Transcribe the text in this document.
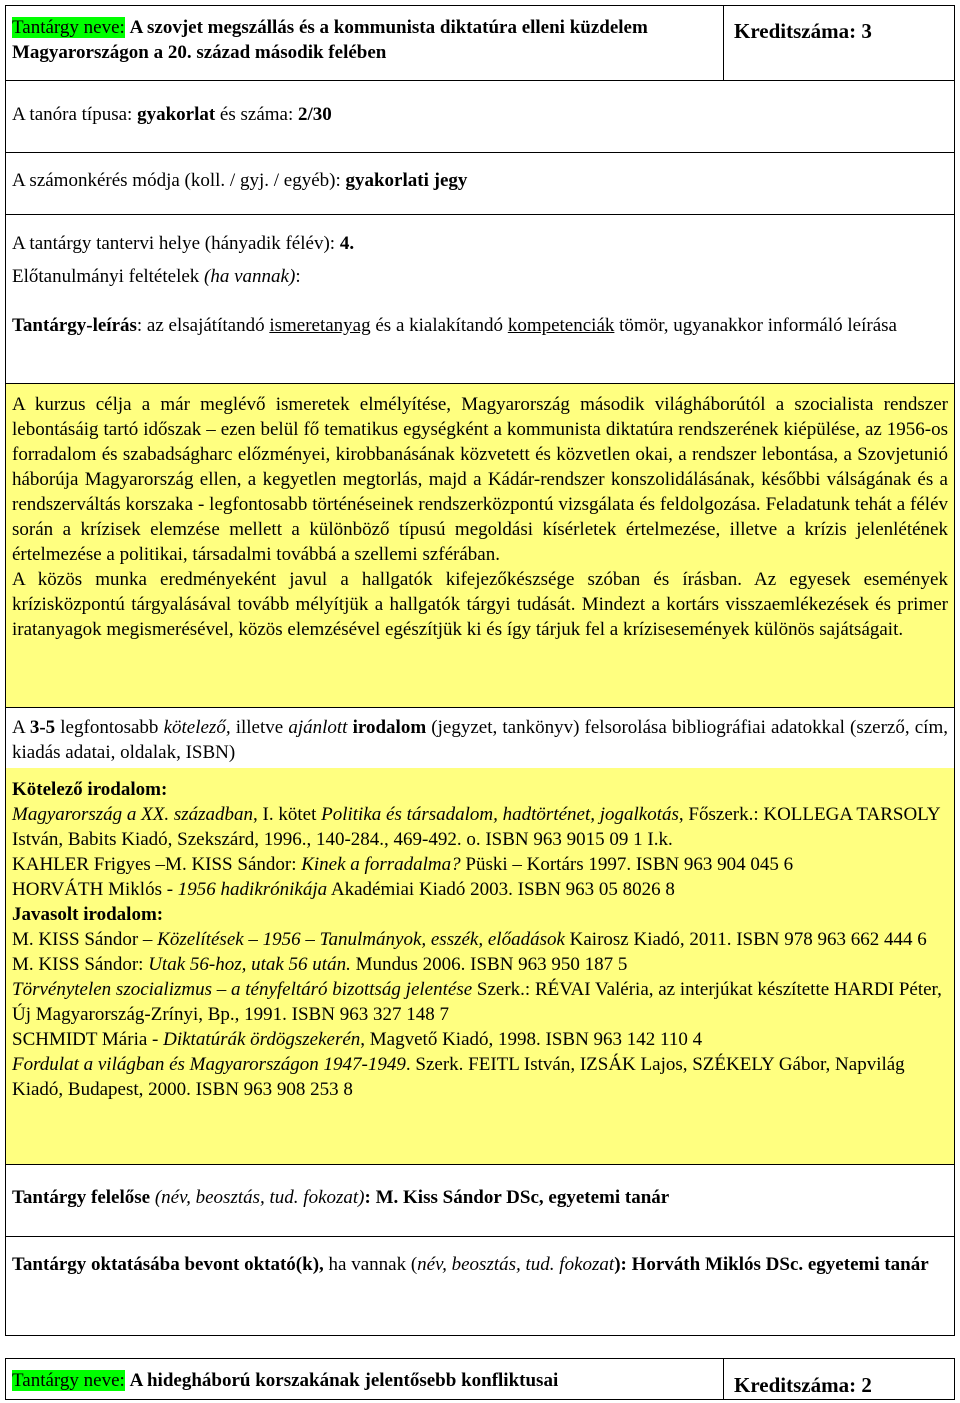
Tantárgy neve: A szovjet megszállás és a kommunista diktatúra elleni küzdelem Magyarországon a 20. század második felében
Kreditszáma: 3
A tanóra típusa: gyakorlat és száma: 2/30
A számonkérés módja (koll. / gyj. / egyéb): gyakorlati jegy
A tantárgy tantervi helye (hányadik félév): 4.
Előtanulmányi feltételek (ha vannak):
Tantárgy-leírás: az elsajátítandó ismeretanyag és a kialakítandó kompetenciák tömör, ugyanakkor informáló leírása
A kurzus célja a már meglévő ismeretek elmélyítése, Magyarország második világháborútól a szocialista rendszer lebontásáig tartó időszak – ezen belül fő tematikus egységként a kommunista diktatúra rendszerének kiépülése, az 1956-os forradalom és szabadságharc előzményei, kirobbanásának közvetett és közvetlen okai, a rendszer lebontása, a Szovjetunió háborúja Magyarország ellen, a kegyetlen megtorlás, majd a Kádár-rendszer konszolidálásának, későbbi válságának és a rendszerváltás korszaka - legfontosabb történéseinek rendszerközpontú vizsgálata és feldolgozása. Feladatunk tehát a félév során a krízisek elemzése mellett a különböző típusú megoldási kísérletek értelmezése, illetve a krízis jelenlétének értelmezése a politikai, társadalmi továbbá a szellemi szférában.
A közös munka eredményeként javul a hallgatók kifejezőkészsége szóban és írásban. Az egyesek események krízisközpontú tárgyalásával tovább mélyítjük a hallgatók tárgyi tudását. Mindezt a kortárs visszaemlékezések és primer iratanyagok megismerésével, közös elemzésével egészítjük ki és így tárjuk fel a krízisesemények különös sajátságait.
A 3-5 legfontosabb kötelező, illetve ajánlott irodalom (jegyzet, tankönyv) felsorolása bibliográfiai adatokkal (szerző, cím, kiadás adatai, oldalak, ISBN)
Kötelező irodalom:
Magyarország a XX. században, I. kötet Politika és társadalom, hadtörténet, jogalkotás, Főszerk.: KOLLEGA TARSOLY István, Babits Kiadó, Szekszárd, 1996., 140-284., 469-492. o. ISBN 963 9015 09 1 I.k.
KAHLER Frigyes –M. KISS Sándor: Kinek a forradalma? Püski – Kortárs 1997. ISBN 963 904 045 6
HORVÁTH Miklós - 1956 hadikrónikája Akadémiai Kiadó 2003. ISBN 963 05 8026 8
Javasolt irodalom:
M. KISS Sándor – Közelítések – 1956 – Tanulmányok, esszék, előadások Kairosz Kiadó, 2011. ISBN 978 963 662 444 6
M. KISS Sándor: Utak 56-hoz, utak 56 után. Mundus 2006. ISBN 963 950 187 5
Törvénytelen szocializmus – a tényfeltáró bizottság jelentése Szerk.: RÉVAI Valéria, az interjúkat készítette HARDI Péter, Új Magyarország-Zrínyi, Bp., 1991. ISBN 963 327 148 7
SCHMIDT Mária - Diktatúrák ördögszekerén, Magvető Kiadó, 1998. ISBN 963 142 110 4
Fordulat a világban és Magyarországon 1947-1949. Szerk. FEITL István, IZSÁK Lajos, SZÉKELY Gábor, Napvilág Kiadó, Budapest, 2000. ISBN 963 908 253 8
Tantárgy felelőse (név, beosztás, tud. fokozat): M. Kiss Sándor DSc, egyetemi tanár
Tantárgy oktatásába bevont oktató(k), ha vannak (név, beosztás, tud. fokozat): Horváth Miklós DSc. egyetemi tanár
Tantárgy neve: A hidegháború korszakának jelentősebb konfliktusai	Kreditszáma: 2
